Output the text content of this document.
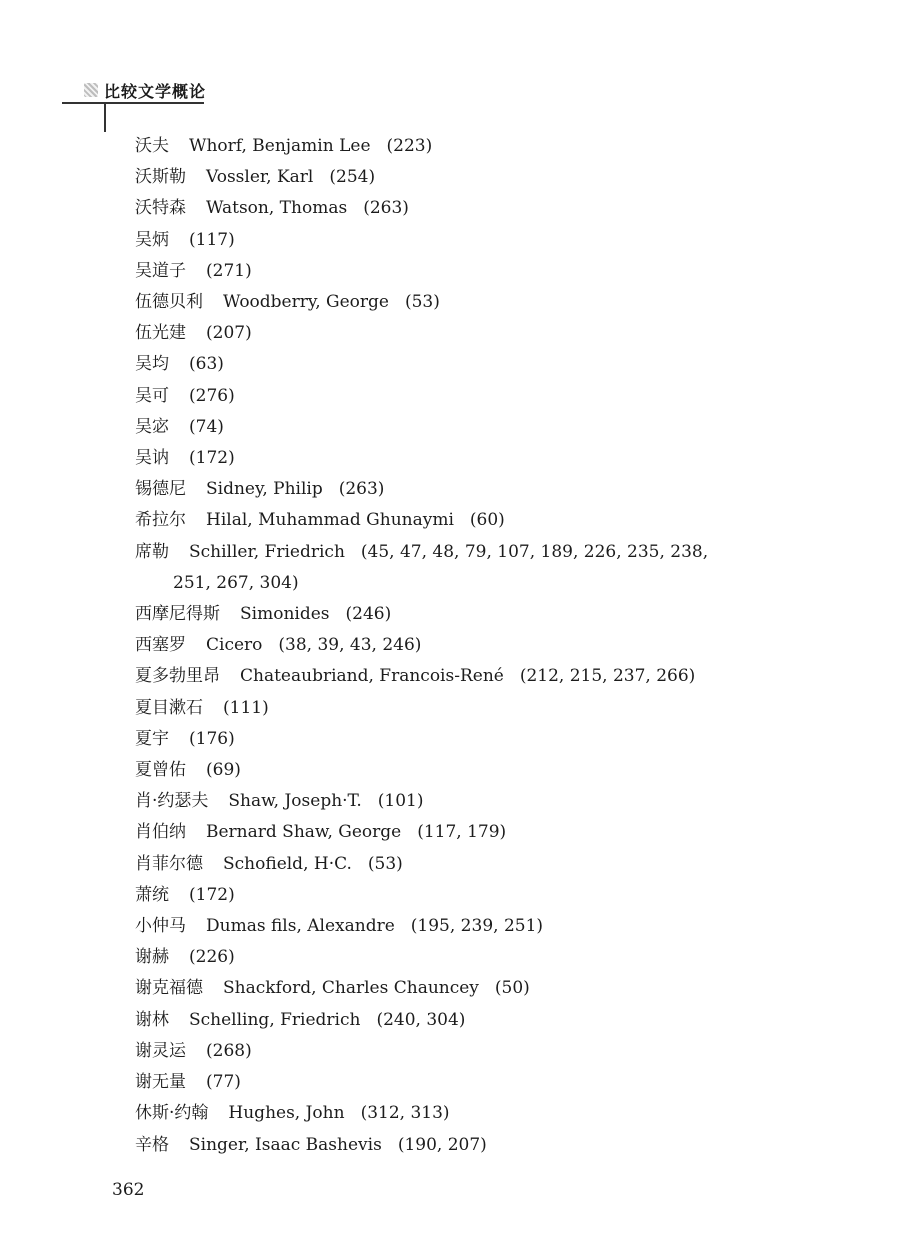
比较文学概论
沃夫 Whorf, Benjamin Lee (223)
沃斯勒 Vossler, Karl (254)
沃特森 Watson, Thomas (263)
吴炳 (117)
吴道子 (271)
伍德贝利 Woodberry, George (53)
伍光建 (207)
吴均 (63)
吴可 (276)
吴宓 (74)
吴讷 (172)
锡德尼 Sidney, Philip (263)
希拉尔 Hilal, Muhammad Ghunaymi (60)
席勒 Schiller, Friedrich (45, 47, 48, 79, 107, 189, 226, 235, 238,
251, 267, 304)
西摩尼得斯 Simonides (246)
西塞罗 Cicero (38, 39, 43, 246)
夏多勃里昂 Chateaubriand, Francois-René (212, 215, 237, 266)
夏目漱石 (111)
夏宇 (176)
夏曾佑 (69)
肖·约瑟夫 Shaw, Joseph·T. (101)
肖伯纳 Bernard Shaw, George (117, 179)
肖菲尔德 Schofield, H·C. (53)
萧统 (172)
小仲马 Dumas fils, Alexandre (195, 239, 251)
谢赫 (226)
谢克福德 Shackford, Charles Chauncey (50)
谢林 Schelling, Friedrich (240, 304)
谢灵运 (268)
谢无量 (77)
休斯·约翰 Hughes, John (312, 313)
辛格 Singer, Isaac Bashevis (190, 207)
362
